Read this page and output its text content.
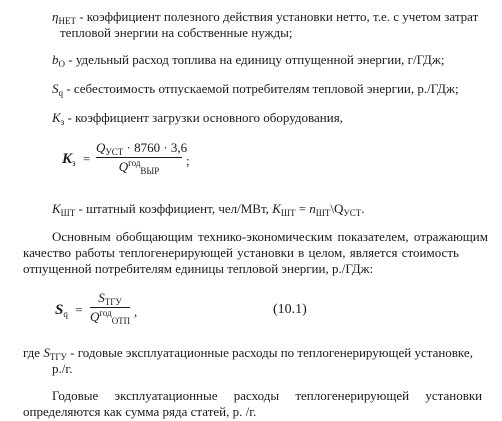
$\eta_{НЕТ}$ - коэффициент полезного действия установки нетто, т.е. с учетом затрат
тепловой энергии на собственные нужды;
$b_О$ - удельный расход топлива на единицу отпущенной энергии, г/ГДж;
$S_q$ - себестоимость отпускаемой потребителям тепловой энергии, р./ГДж;
$K_з$ - коэффициент загрузки основного оборудования,
$K_з$ =
$Q_{УСТ} \cdot 8760 \cdot 3,6$
$Q^{год}_{ВЫР}$
;
$K_{ШТ}$ - штатный коэффициент, чел/МВт, $K_{ШТ}$ = $n_{ШТ}\backslash Q_{УСТ}$.
Основным обобщающим технико-экономическим показателем, отражающим
качество работы теплогенерирующей установки в целом, является стоимость
отпущенной потребителям единицы тепловой энергии, р./ГДж:
$S_q$ =
$S_{ТГУ}$
$Q^{год}_{ОТП}$
,	(10.1)
где $S_{ТГУ}$ - годовые эксплуатационные расходы по теплогенерирующей установке,
р./г.
Годовые     эксплуатационные     расходы     теплогенерирующей     установки
определяются как сумма ряда статей, р. /г.
